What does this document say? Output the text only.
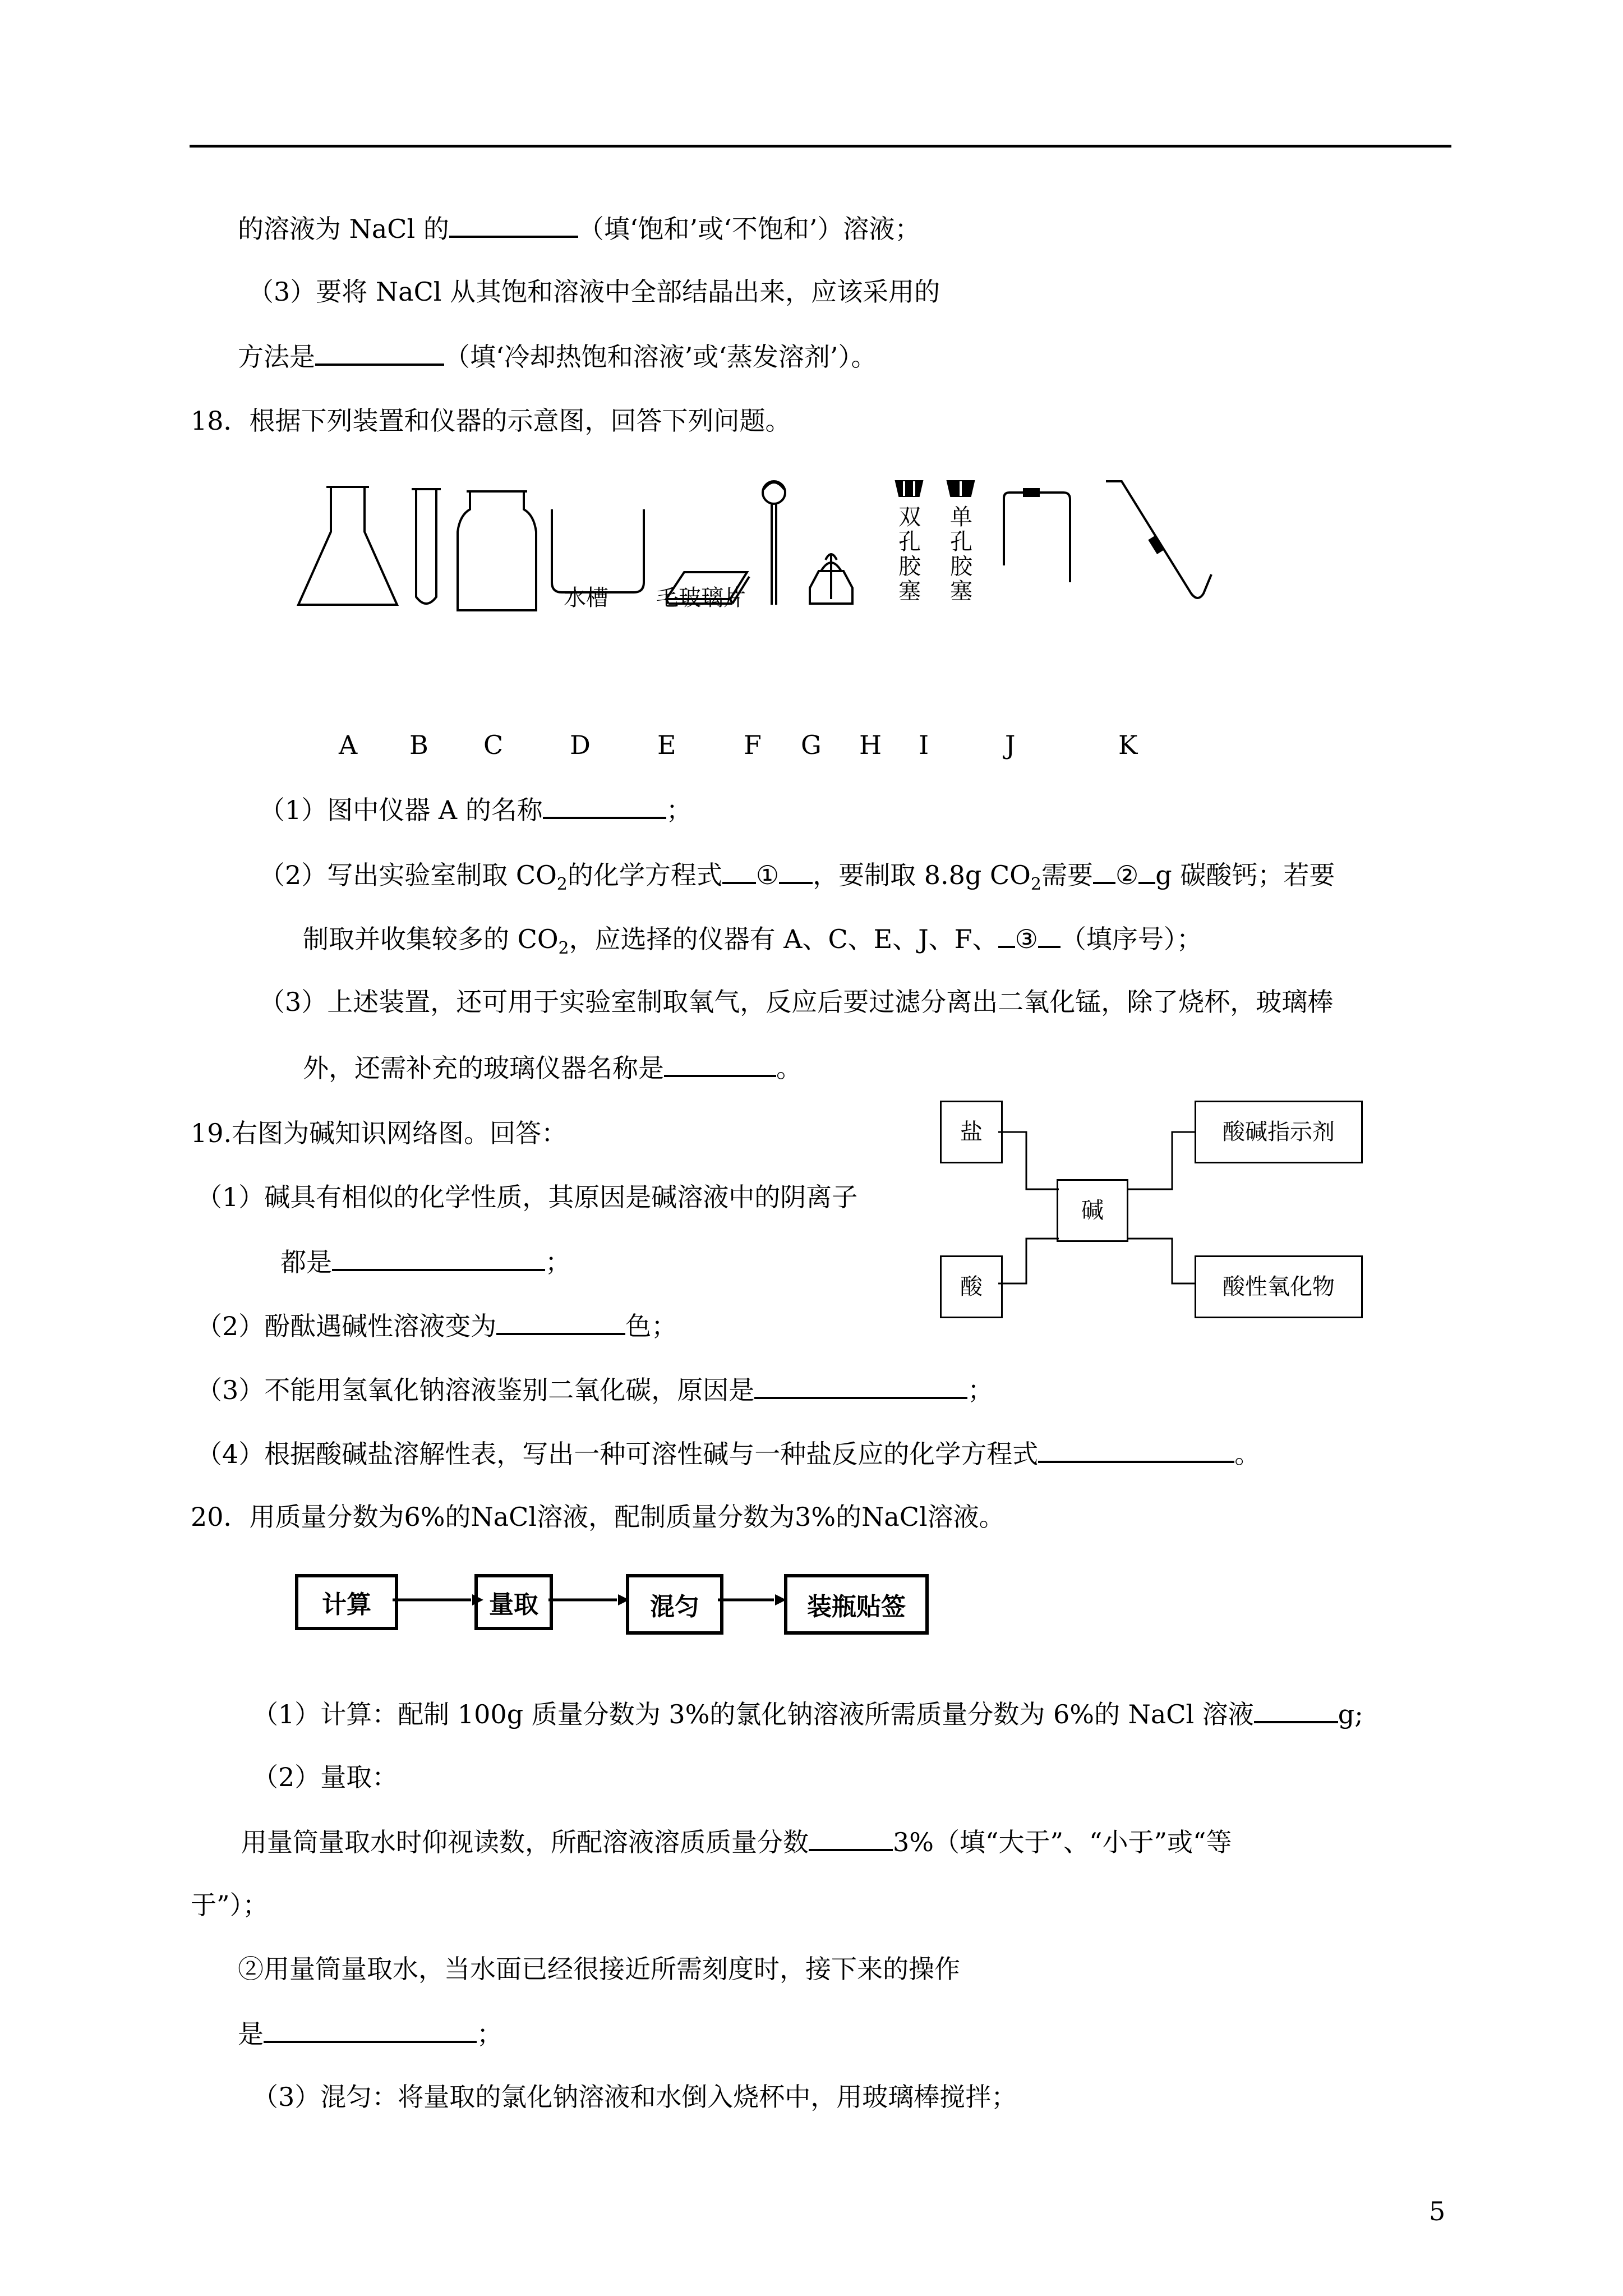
的溶液为 NaCl 的	（填‘饱和’或‘不饱和’）溶液；
（3）要将 NaCl 从其饱和溶液中全部结晶出来，应该采用的
方法是	（填‘冷却热饱和溶液’或‘蒸发溶剂’）。
18．根据下列装置和仪器的示意图，回答下列问题。
水槽 毛玻璃片
双孔胶塞
单孔胶塞
A B C	D	E	F G H I	J	K
（1）图中仪器 A 的名称	；
（2）写出实验室制取 $CO_2$的化学方程式 ① ，要制取 8.8g $CO_2$需要 ② g 碳酸钙；若要
制取并收集较多的 $CO_2$，应选择的仪器有 A、C、E、J、F、 ③ （填序号）；
（3）上述装置，还可用于实验室制取氧气，反应后要过滤分离出二氧化锰，除了烧杯，玻璃棒
外，还需补充的玻璃仪器名称是	。
19.右图为碱知识网络图。回答：
（1）碱具有相似的化学性质，其原因是碱溶液中的阴离子
都是	；
（2）酚酞遇碱性溶液变为	色；
（3）不能用氢氧化钠溶液鉴别二氧化碳，原因是	；
（4）根据酸碱盐溶解性表，写出一种可溶性碱与一种盐反应的化学方程式	。
盐	酸碱指示剂
碱
酸	酸性氧化物
20．用质量分数为6%的NaCl溶液，配制质量分数为3%的NaCl溶液。
计算	量取	混匀	装瓶贴签
（1）计算：配制 100g 质量分数为 3%的氯化钠溶液所需质量分数为 6%的 NaCl 溶液	g;
（2）量取：
用量筒量取水时仰视读数，所配溶液溶质质量分数	3%（填“大于”、“小于”或“等
于”）；
②用量筒量取水，当水面已经很接近所需刻度时，接下来的操作
是	；
（3）混匀：将量取的氯化钠溶液和水倒入烧杯中，用玻璃棒搅拌；
5
